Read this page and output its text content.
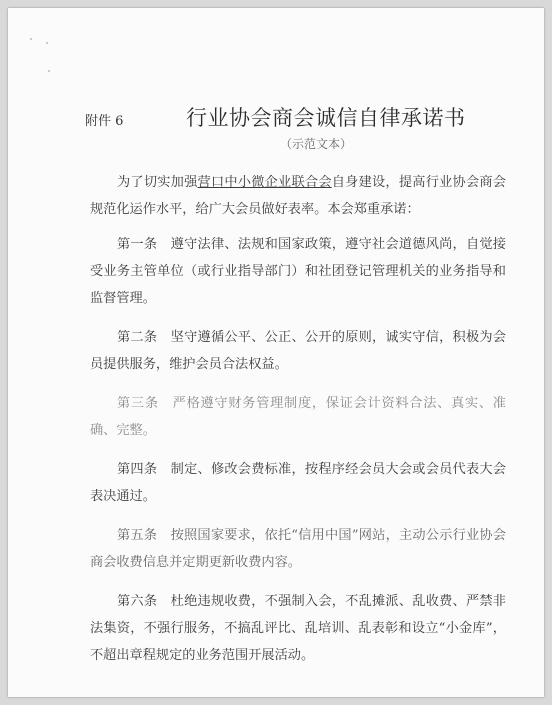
附件 6	行业协会商会诚信自律承诺书
（示范文本）

为了切实加强营口中小微企业联合会自身建设，提高行业协会商会规范化运作水平，给广大会员做好表率。本会郑重承诺：

第一条　遵守法律、法规和国家政策，遵守社会道德风尚，自觉接受业务主管单位（或行业指导部门）和社团登记管理机关的业务指导和监督管理。

第二条　坚守遵循公平、公正、公开的原则，诚实守信，积极为会员提供服务，维护会员合法权益。

第三条　严格遵守财务管理制度，保证会计资料合法、真实、准确、完整。

第四条　制定、修改会费标准，按程序经会员大会或会员代表大会表决通过。

第五条　按照国家要求，依托“信用中国”网站，主动公示行业协会商会收费信息并定期更新收费内容。

第六条　杜绝违规收费，不强制入会，不乱摊派、乱收费、严禁非法集资，不强行服务，不搞乱评比、乱培训、乱表彰和设立“小金库”，不超出章程规定的业务范围开展活动。
